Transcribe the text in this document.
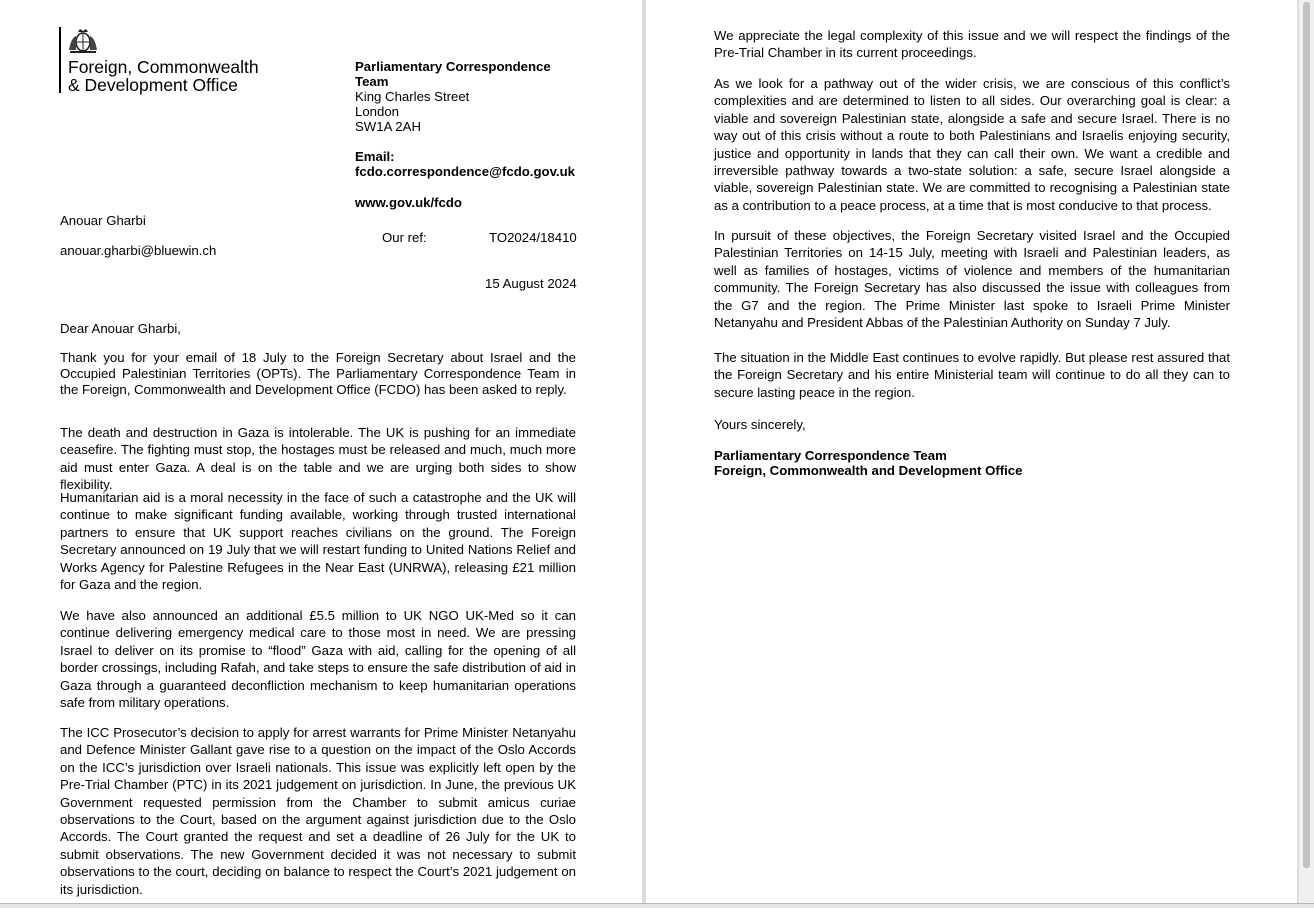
Foreign, Commonwealth
& Development Office
Parliamentary Correspondence
Team
King Charles Street
London
SW1A 2AH
Email:
fcdo.correspondence@fcdo.gov.uk
www.gov.uk/fcdo
Anouar Gharbi
anouar.gharbi@bluewin.ch
Our ref:	TO2024/18410
15 August 2024
Dear Anouar Gharbi,

Thank you for your email of 18 July to the Foreign Secretary about Israel and the Occupied Palestinian Territories (OPTs). The Parliamentary Correspondence Team in the Foreign, Commonwealth and Development Office (FCDO) has been asked to reply.

The death and destruction in Gaza is intolerable. The UK is pushing for an immediate ceasefire. The fighting must stop, the hostages must be released and much, much more aid must enter Gaza. A deal is on the table and we are urging both sides to show flexibility.

Humanitarian aid is a moral necessity in the face of such a catastrophe and the UK will continue to make significant funding available, working through trusted international partners to ensure that UK support reaches civilians on the ground. The Foreign Secretary announced on 19 July that we will restart funding to United Nations Relief and Works Agency for Palestine Refugees in the Near East (UNRWA), releasing £21 million for Gaza and the region.

We have also announced an additional £5.5 million to UK NGO UK-Med so it can continue delivering emergency medical care to those most in need. We are pressing Israel to deliver on its promise to “flood” Gaza with aid, calling for the opening of all border crossings, including Rafah, and take steps to ensure the safe distribution of aid in Gaza through a guaranteed deconfliction mechanism to keep humanitarian operations safe from military operations.

The ICC Prosecutor’s decision to apply for arrest warrants for Prime Minister Netanyahu and Defence Minister Gallant gave rise to a question on the impact of the Oslo Accords on the ICC’s jurisdiction over Israeli nationals. This issue was explicitly left open by the Pre-Trial Chamber (PTC) in its 2021 judgement on jurisdiction. In June, the previous UK Government requested permission from the Chamber to submit amicus curiae observations to the Court, based on the argument against jurisdiction due to the Oslo Accords. The Court granted the request and set a deadline of 26 July for the UK to submit observations. The new Government decided it was not necessary to submit observations to the court, deciding on balance to respect the Court’s 2021 judgement on its jurisdiction.

We appreciate the legal complexity of this issue and we will respect the findings of the Pre-Trial Chamber in its current proceedings.

As we look for a pathway out of the wider crisis, we are conscious of this conflict’s complexities and are determined to listen to all sides. Our overarching goal is clear: a viable and sovereign Palestinian state, alongside a safe and secure Israel. There is no way out of this crisis without a route to both Palestinians and Israelis enjoying security, justice and opportunity in lands that they can call their own. We want a credible and irreversible pathway towards a two-state solution: a safe, secure Israel alongside a viable, sovereign Palestinian state. We are committed to recognising a Palestinian state as a contribution to a peace process, at a time that is most conducive to that process.

In pursuit of these objectives, the Foreign Secretary visited Israel and the Occupied Palestinian Territories on 14-15 July, meeting with Israeli and Palestinian leaders, as well as families of hostages, victims of violence and members of the humanitarian community. The Foreign Secretary has also discussed the issue with colleagues from the G7 and the region. The Prime Minister last spoke to Israeli Prime Minister Netanyahu and President Abbas of the Palestinian Authority on Sunday 7 July.

The situation in the Middle East continues to evolve rapidly. But please rest assured that the Foreign Secretary and his entire Ministerial team will continue to do all they can to secure lasting peace in the region.

Yours sincerely,
Parliamentary Correspondence Team
Foreign, Commonwealth and Development Office
